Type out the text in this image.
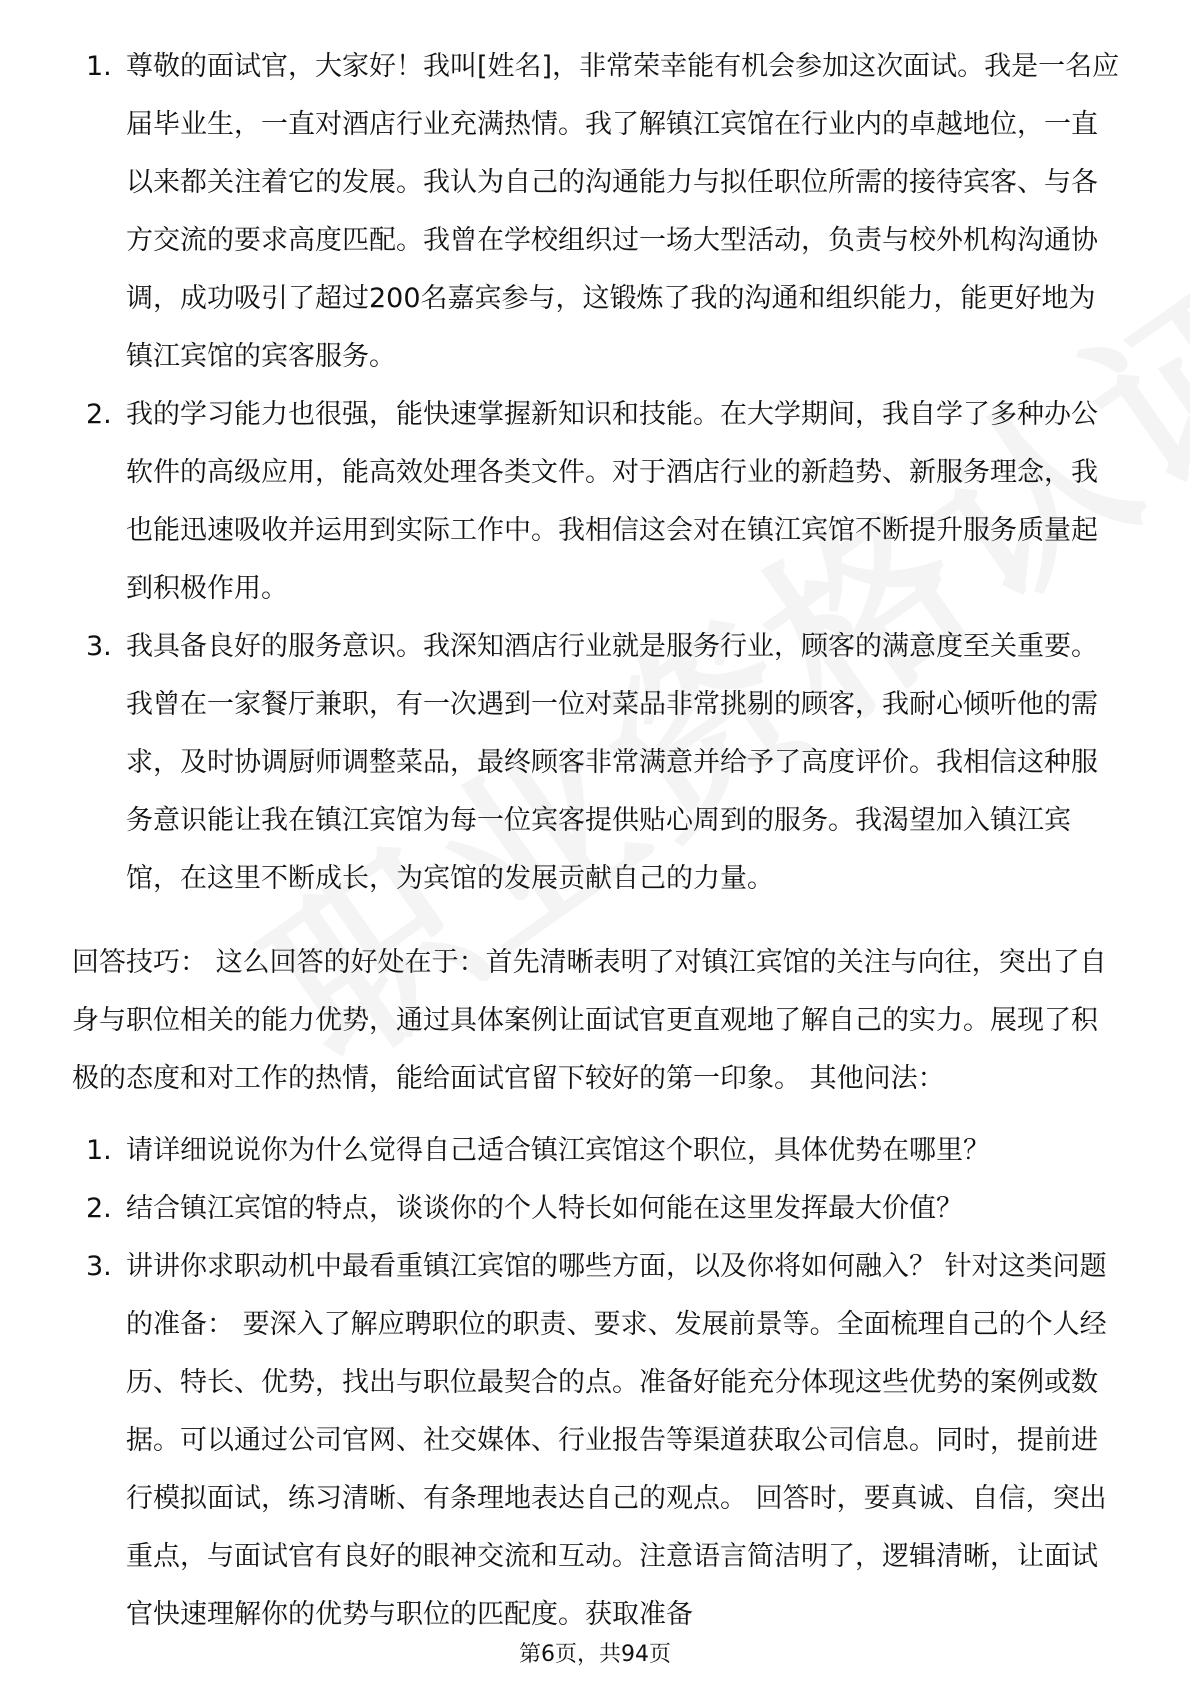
1. 尊敬的面试官，大家好！我叫[姓名]，非常荣幸能有机会参加这次面试。我是一名应届毕业生，一直对酒店行业充满热情。我了解镇江宾馆在行业内的卓越地位，一直以来都关注着它的发展。我认为自己的沟通能力与拟任职位所需的接待宾客、与各方交流的要求高度匹配。我曾在学校组织过一场大型活动，负责与校外机构沟通协调，成功吸引了超过200名嘉宾参与，这锻炼了我的沟通和组织能力，能更好地为镇江宾馆的宾客服务。
2. 我的学习能力也很强，能快速掌握新知识和技能。在大学期间，我自学了多种办公软件的高级应用，能高效处理各类文件。对于酒店行业的新趋势、新服务理念，我也能迅速吸收并运用到实际工作中。我相信这会对在镇江宾馆不断提升服务质量起到积极作用。
3. 我具备良好的服务意识。我深知酒店行业就是服务行业，顾客的满意度至关重要。我曾在一家餐厅兼职，有一次遇到一位对菜品非常挑剔的顾客，我耐心倾听他的需求，及时协调厨师调整菜品，最终顾客非常满意并给予了高度评价。我相信这种服务意识能让我在镇江宾馆为每一位宾客提供贴心周到的服务。我渴望加入镇江宾馆，在这里不断成长，为宾馆的发展贡献自己的力量。

回答技巧： 这么回答的好处在于：首先清晰表明了对镇江宾馆的关注与向往，突出了自身与职位相关的能力优势，通过具体案例让面试官更直观地了解自己的实力。展现了积极的态度和对工作的热情，能给面试官留下较好的第一印象。 其他问法：

1. 请详细说说你为什么觉得自己适合镇江宾馆这个职位，具体优势在哪里？
2. 结合镇江宾馆的特点，谈谈你的个人特长如何能在这里发挥最大价值？
3. 讲讲你求职动机中最看重镇江宾馆的哪些方面，以及你将如何融入？ 针对这类问题的准备： 要深入了解应聘职位的职责、要求、发展前景等。全面梳理自己的个人经历、特长、优势，找出与职位最契合的点。准备好能充分体现这些优势的案例或数据。可以通过公司官网、社交媒体、行业报告等渠道获取公司信息。同时，提前进行模拟面试，练习清晰、有条理地表达自己的观点。 回答时，要真诚、自信，突出重点，与面试官有良好的眼神交流和互动。注意语言简洁明了，逻辑清晰，让面试官快速理解你的优势与职位的匹配度。获取准备
第6页，共94页
